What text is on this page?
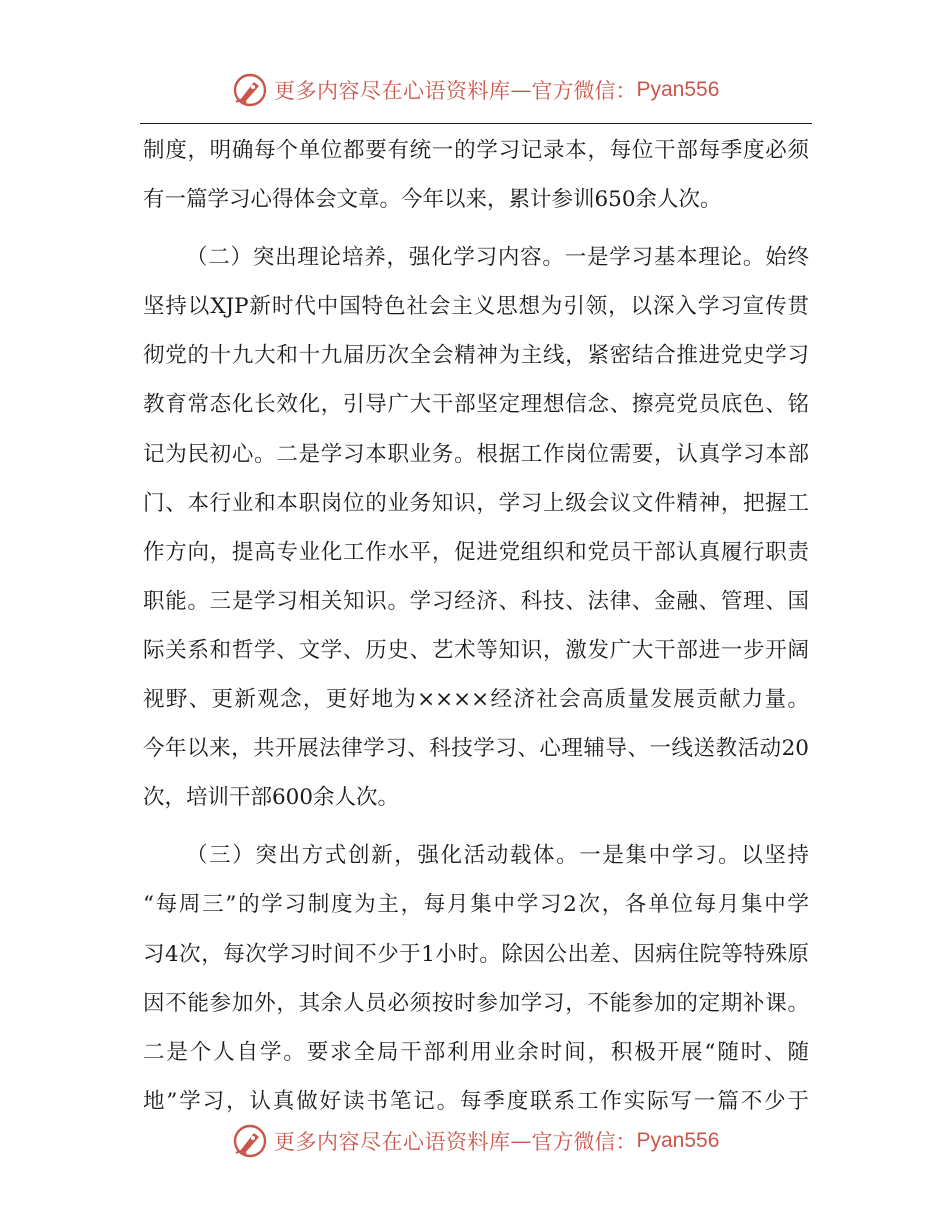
更多内容尽在心语资料库 — 官方微信： Pyan556
制度，明确每个单位都要有统一的学习记录本，每位干部每季度必须
有一篇学习心得体会文章。今年以来，累计参训650余人次。
（二）突出理论培养，强化学习内容。一是学习基本理论。始终
坚持以XJP新时代中国特色社会主义思想为引领，以深入学习宣传贯
彻党的十九大和十九届历次全会精神为主线，紧密结合推进党史学习
教育常态化长效化，引导广大干部坚定理想信念、擦亮党员底色、铭
记为民初心。二是学习本职业务。根据工作岗位需要，认真学习本部
门、本行业和本职岗位的业务知识，学习上级会议文件精神，把握工
作方向，提高专业化工作水平，促进党组织和党员干部认真履行职责
职能。三是学习相关知识。学习经济、科技、法律、金融、管理、国
际关系和哲学、文学、历史、艺术等知识，激发广大干部进一步开阔
视野、更新观念，更好地为××××经济社会高质量发展贡献力量。
今年以来，共开展法律学习、科技学习、心理辅导、一线送教活动20
次，培训干部600余人次。
（三）突出方式创新，强化活动载体。一是集中学习。以坚持
“每周三”的学习制度为主，每月集中学习2次，各单位每月集中学
习4次，每次学习时间不少于1小时。除因公出差、因病住院等特殊原
因不能参加外，其余人员必须按时参加学习，不能参加的定期补课。
二是个人自学。要求全局干部利用业余时间，积极开展“随时、随
地”学习，认真做好读书笔记。每季度联系工作实际写一篇不少于
更多内容尽在心语资料库 — 官方微信： Pyan556
